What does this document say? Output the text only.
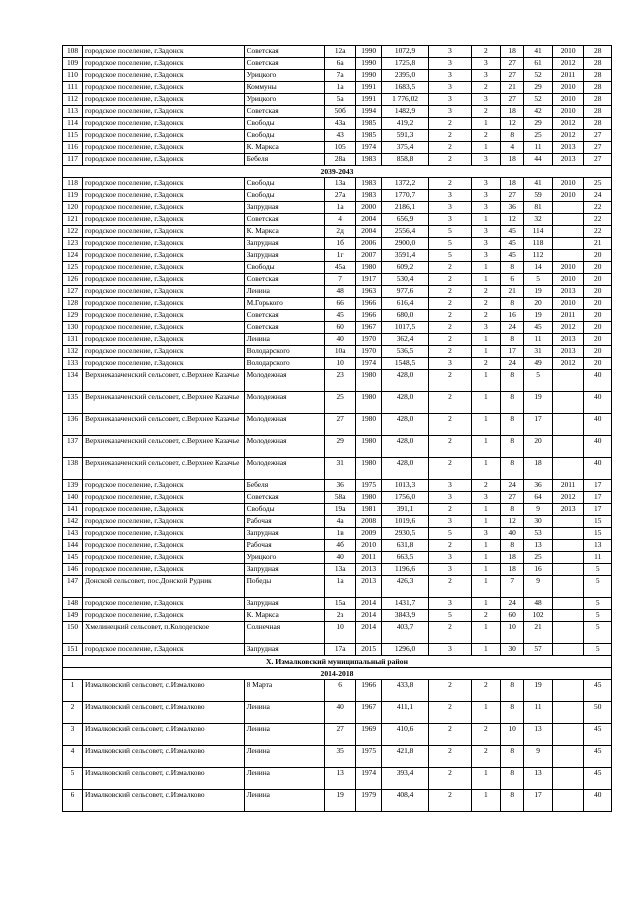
108	городское поселение, г.Задонск	Советская	12а	1990	1072,9	3	2	18	41	2010	28
109	городское поселение, г.Задонск	Советская	6а	1990	1725,8	3	3	27	61	2012	28
110	городское поселение, г.Задонск	Урицкого	7а	1990	2395,0	3	3	27	52	2011	28
111	городское поселение, г.Задонск	Коммуны	1а	1991	1683,5	3	2	21	29	2010	28
112	городское поселение, г.Задонск	Урицкого	5а	1991	1 776,02	3	3	27	52	2010	28
113	городское поселение, г.Задонск	Советская	50б	1994	1482,9	3	2	18	42	2010	28
114	городское поселение, г.Задонск	Свободы	43а	1985	419,2	2	1	12	29	2012	28
115	городское поселение, г.Задонск	Свободы	43	1985	591,3	2	2	8	25	2012	27
116	городское поселение, г.Задонск	К. Маркса	105	1974	375,4	2	1	4	11	2013	27
117	городское поселение, г.Задонск	Бебеля	28а	1983	858,8	2	3	18	44	2013	27
2039-2043											
118	городское поселение, г.Задонск	Свободы	13а	1983	1372,2	2	3	18	41	2010	25
119	городское поселение, г.Задонск	Свободы	27а	1983	1770,7	3	3	27	59	2010	24
120	городское поселение, г.Задонск	Запрудная	1а	2000	2186,1	3	3	36	81		22
121	городское поселение, г.Задонск	Советская	4	2004	656,9	3	1	12	32		22
122	городское поселение, г.Задонск	К. Маркса	2д	2004	2556,4	5	3	45	114		22
123	городское поселение, г.Задонск	Запрудная	1б	2006	2900,0	5	3	45	118		21
124	городское поселение, г.Задонск	Запрудная	1г	2007	3591,4	5	3	45	112		20
125	городское поселение, г.Задонск	Свободы	45а	1980	609,2	2	1	8	14	2010	20
126	городское поселение, г.Задонск	Советская	7	1917	530,4	2	1	6	5	2010	20
127	городское поселение, г.Задонск	Ленина	48	1963	977,6	2	2	21	19	2013	20
128	городское поселение, г.Задонск	М.Горького	66	1966	616,4	2	2	8	20	2010	20
129	городское поселение, г.Задонск	Советская	45	1966	680,0	2	2	16	19	2011	20
130	городское поселение, г.Задонск	Советская	60	1967	1017,5	2	3	24	45	2012	20
131	городское поселение, г.Задонск	Ленина	40	1970	362,4	2	1	8	11	2013	20
132	городское поселение, г.Задонск	Володарского	10а	1970	536,5	2	1	17	31	2013	20
133	городское поселение, г.Задонск	Володарского	10	1974	1548,5	3	2	24	49	2012	20
134	Верхнеказаченский сельсовет, с.Верхнее Казачье	Молодежная	23	1980	428,0	2	1	8	5		40
135	Верхнеказаченский сельсовет, с.Верхнее Казачье	Молодежная	25	1980	428,0	2	1	8	19		40
136	Верхнеказаченский сельсовет, с.Верхнее Казачье	Молодежная	27	1980	428,0	2	1	8	17		40
137	Верхнеказаченский сельсовет, с.Верхнее Казачье	Молодежная	29	1980	428,0	2	1	8	20		40
138	Верхнеказаченский сельсовет, с.Верхнее Казачье	Молодежная	31	1980	428,0	2	1	8	18		40
139	городское поселение, г.Задонск	Бебеля	36	1975	1013,3	3	2	24	36	2011	17
140	городское поселение, г.Задонск	Советская	58а	1980	1756,0	3	3	27	64	2012	17
141	городское поселение, г.Задонск	Свободы	19а	1981	391,1	2	1	8	9	2013	17
142	городское поселение, г.Задонск	Рабочая	4а	2008	1019,6	3	1	12	30		15
143	городское поселение, г.Задонск	Запрудная	1в	2009	2930,5	5	3	40	53		15
144	городское поселение, г.Задонск	Рабочая	4б	2010	631,8	2	1	8	13		13
145	городское поселение, г.Задонск	Урицкого	40	2011	663,5	3	1	18	25		11
146	городское поселение, г.Задонск	Запрудная	13а	2013	1196,6	3	1	18	16		5
147	Донской сельсовет, пос.Донской Рудник	Победы	1а	2013	426,3	2	1	7	9		5
148	городское поселение, г.Задонск	Запрудная	15а	2014	1431,7	3	1	24	48		5
149	городское поселение, г.Задонск	К. Маркса	2з	2014	3843,9	5	2	60	102		5
150	Хмелинецкий сельсовет, п.Колодезское	Солнечная	10	2014	403,7	2	1	10	21		5
151	городское поселение, г.Задонск	Запрудная	17а	2015	1296,0	3	1	30	57		5
X. Измалковский муниципальный район											
2014-2018											
1	Измалковский сельсовет, с.Измалково	8 Марта	6	1966	433,8	2	2	8	19		45
2	Измалковский сельсовет, с.Измалково	Ленина	40	1967	411,1	2	1	8	11		50
3	Измалковский сельсовет, с.Измалково	Ленина	27	1969	410,6	2	2	10	13		45
4	Измалковский сельсовет, с.Измалково	Ленина	35	1975	421,8	2	2	8	9		45
5	Измалковский сельсовет, с.Измалково	Ленина	13	1974	393,4	2	1	8	13		45
6	Измалковский сельсовет, с.Измалково	Ленина	19	1979	408,4	2	1	8	17		40
